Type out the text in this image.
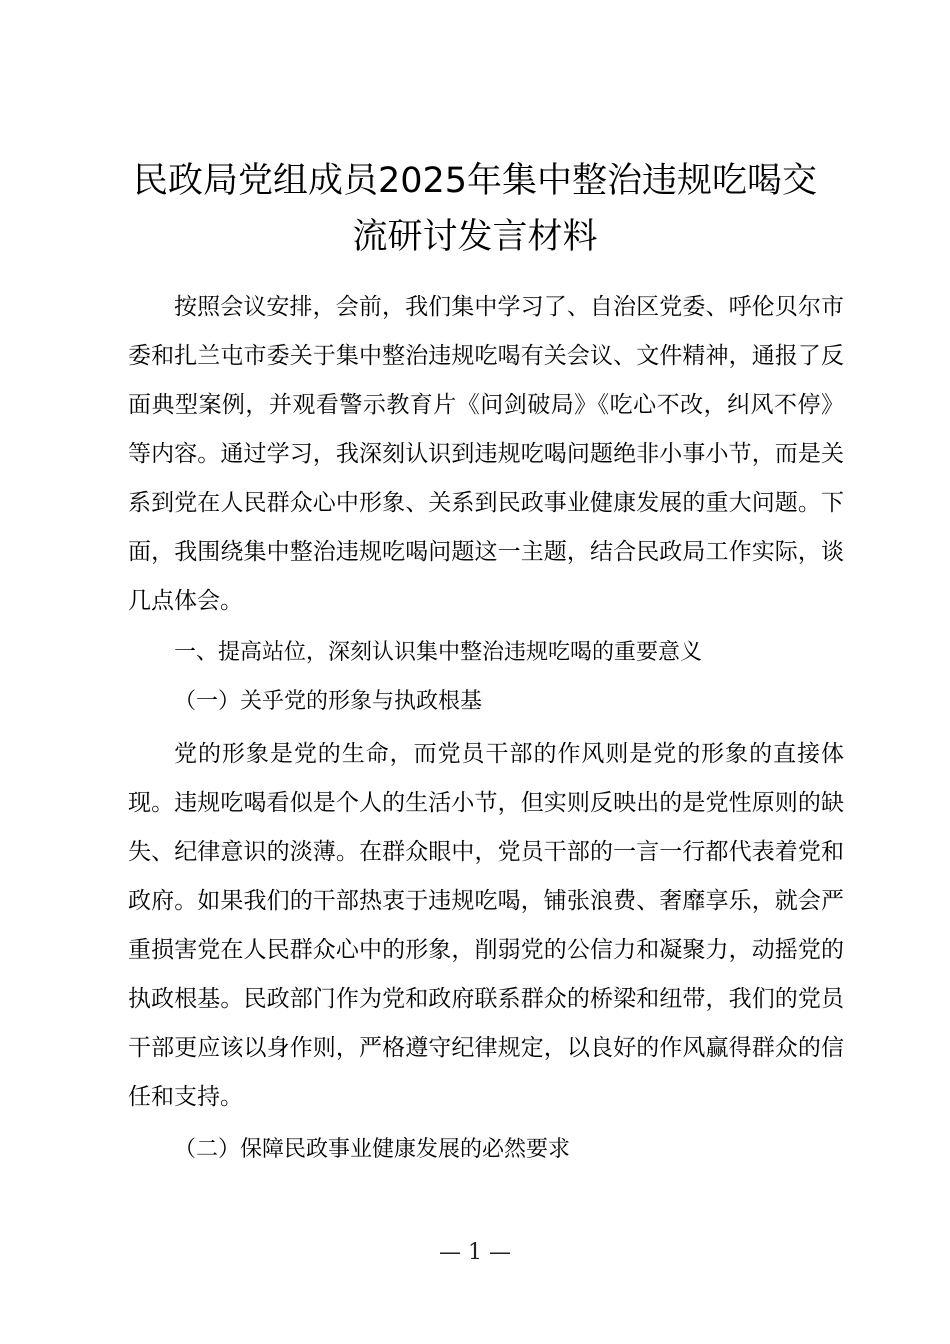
民政局党组成员2025年集中整治违规吃喝交
流研讨发言材料

按照会议安排，会前，我们集中学习了、自治区党委、呼伦贝尔市委和扎兰屯市委关于集中整治违规吃喝有关会议、文件精神，通报了反面典型案例，并观看警示教育片《问剑破局》《吃心不改，纠风不停》等内容。通过学习，我深刻认识到违规吃喝问题绝非小事小节，而是关系到党在人民群众心中形象、关系到民政事业健康发展的重大问题。下面，我围绕集中整治违规吃喝问题这一主题，结合民政局工作实际，谈几点体会。

一、提高站位，深刻认识集中整治违规吃喝的重要意义

（一）关乎党的形象与执政根基

党的形象是党的生命，而党员干部的作风则是党的形象的直接体现。违规吃喝看似是个人的生活小节，但实则反映出的是党性原则的缺失、纪律意识的淡薄。在群众眼中，党员干部的一言一行都代表着党和政府。如果我们的干部热衷于违规吃喝，铺张浪费、奢靡享乐，就会严重损害党在人民群众心中的形象，削弱党的公信力和凝聚力，动摇党的执政根基。民政部门作为党和政府联系群众的桥梁和纽带，我们的党员干部更应该以身作则，严格遵守纪律规定，以良好的作风赢得群众的信任和支持。

（二）保障民政事业健康发展的必然要求

— 1 —
